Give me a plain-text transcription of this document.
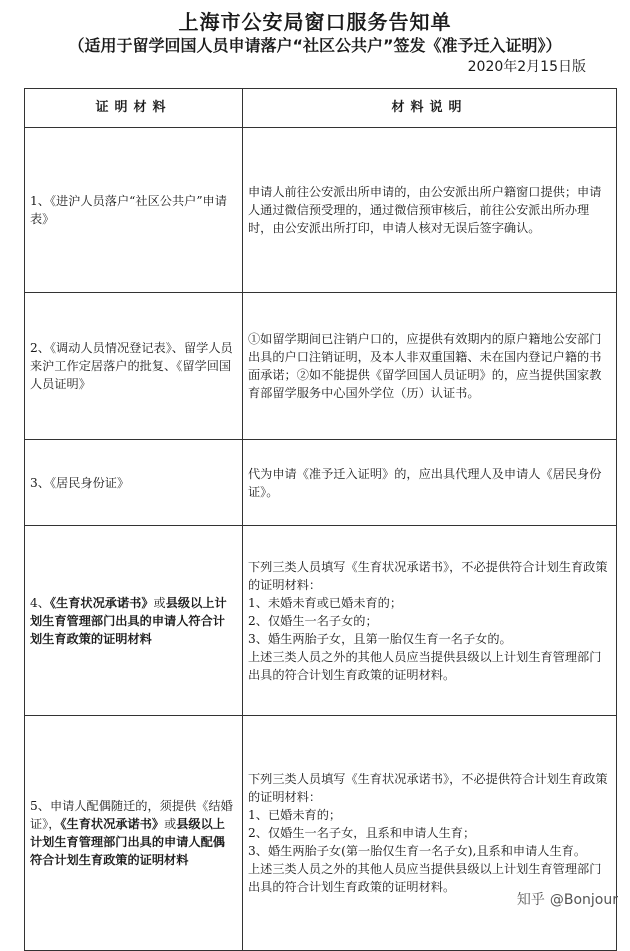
上海市公安局窗口服务告知单
（适用于留学回国人员申请落户“社区公共户”签发《准予迁入证明》）
2020年2月15日版
证明材料	材料说明
1、《进沪人员落户“社区公共户”申请表》	申请人前往公安派出所申请的，由公安派出所户籍窗口提供；申请人通过微信预受理的，通过微信预审核后，前往公安派出所办理时，由公安派出所打印，申请人核对无误后签字确认。
2、《调动人员情况登记表》、留学人员来沪工作定居落户的批复、《留学回国人员证明》	①如留学期间已注销户口的，应提供有效期内的原户籍地公安部门出具的户口注销证明，及本人非双重国籍、未在国内登记户籍的书面承诺；②如不能提供《留学回国人员证明》的，应当提供国家教育部留学服务中心国外学位（历）认证书。
3、《居民身份证》	代为申请《准予迁入证明》的，应出具代理人及申请人《居民身份证》。
4、《生育状况承诺书》或县级以上计划生育管理部门出具的申请人符合计划生育政策的证明材料	下列三类人员填写《生育状况承诺书》，不必提供符合计划生育政策的证明材料：
1、未婚未育或已婚未育的；
2、仅婚生一名子女的；
3、婚生两胎子女，且第一胎仅生育一名子女的。
上述三类人员之外的其他人员应当提供县级以上计划生育管理部门出具的符合计划生育政策的证明材料。

5、申请人配偶随迁的，须提供《结婚证》，《生育状况承诺书》或县级以上计划生育管理部门出具的申请人配偶符合计划生育政策的证明材料	下列三类人员填写《生育状况承诺书》，不必提供符合计划生育政策的证明材料：
1、已婚未育的；
2、仅婚生一名子女，且系和申请人生育；
3、婚生两胎子女(第一胎仅生育一名子女),且系和申请人生育。
上述三类人员之外的其他人员应当提供县级以上计划生育管理部门出具的符合计划生育政策的证明材料。
知乎 @Bonjour
